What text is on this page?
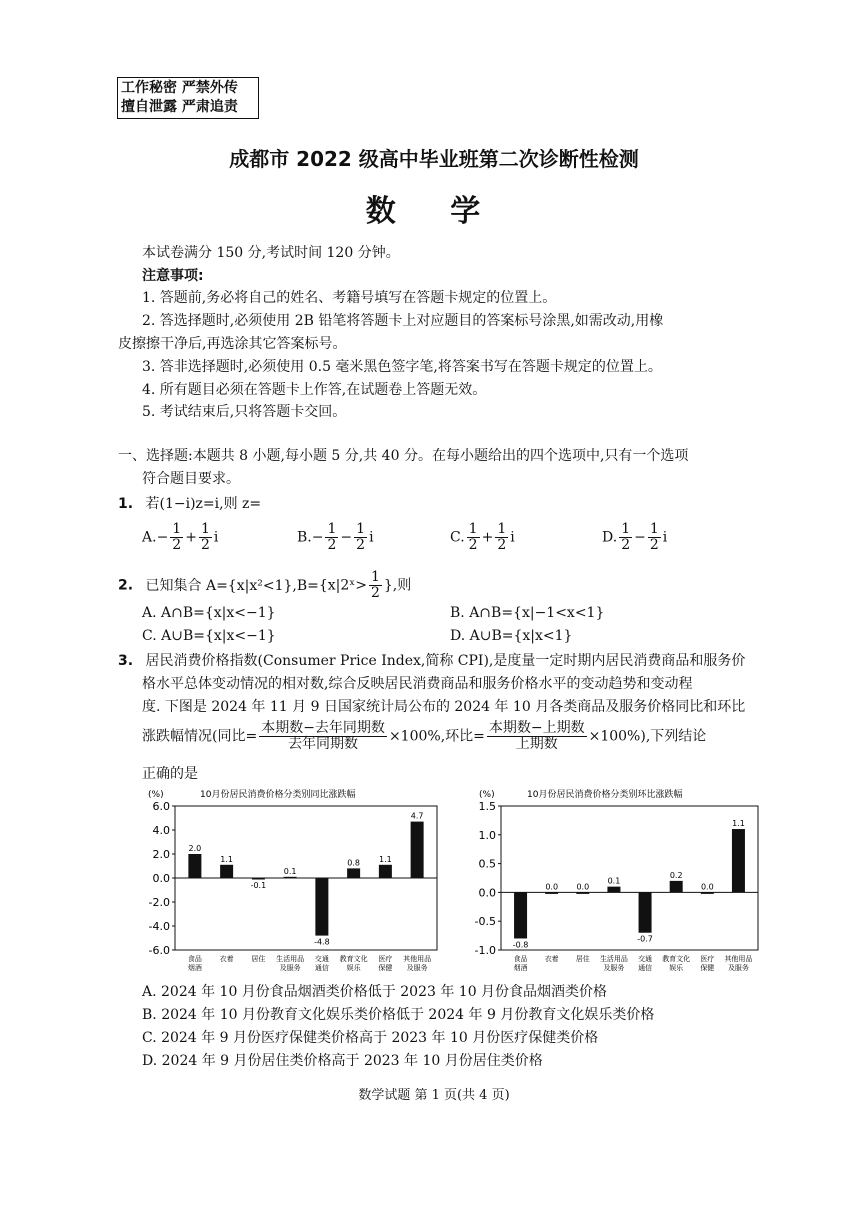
工作秘密 严禁外传
擅自泄露 严肃追责
成都市 2022 级高中毕业班第二次诊断性检测
数 学
本试卷满分 150 分,考试时间 120 分钟。
注意事项:
1. 答题前,务必将自己的姓名、考籍号填写在答题卡规定的位置上。
2. 答选择题时,必须使用 2B 铅笔将答题卡上对应题目的答案标号涂黑,如需改动,用橡
皮擦擦干净后,再选涂其它答案标号。
3. 答非选择题时,必须使用 0.5 毫米黑色签字笔,将答案书写在答题卡规定的位置上。
4. 所有题目必须在答题卡上作答,在试题卷上答题无效。
5. 考试结束后,只将答题卡交回。
一、选择题:本题共 8 小题,每小题 5 分,共 40 分。在每小题给出的四个选项中,只有一个选项
符合题目要求。
1. 若(1−i)z=i,则 z=
2. 已知集合 A={x|x²<1},B={x|2ˣ> $\frac{1}{2}$ },则
A. A∩B={x|x<−1}	B. A∩B={x|−1<x<1}
C. A∪B={x|x<−1}	D. A∪B={x|x<1}
3. 居民消费价格指数(Consumer Price Index,简称 CPI),是度量一定时期内居民消费商品和服务价
格水平总体变动情况的相对数,综合反映居民消费商品和服务价格水平的变动趋势和变动程
度. 下图是 2024 年 11 月 9 日国家统计局公布的 2024 年 10 月各类商品及服务价格同比和环比
涨跌幅情况(同比= $\frac{\text{本期数−去年同期数}}{\text{去年同期数}} \times 100\%$,环比= $\frac{\text{本期数−上期数}}{\text{上期数}} \times 100\%$),下列结论
正确的是
(%)	10月份居民消费价格分类别同比涨跌幅
6.0
4.0
2.0
0.0
-2.0
-4.0
-6.0
2.0
食品
烟酒
1.1
衣着
-0.1
居住
0.1
生活用品
及服务
-4.8
交通
通信
0.8
教育文化
娱乐
1.1
医疗
保健
4.7
其他用品
及服务
(%)	10月份居民消费价格分类别环比涨跌幅
1.5
1.0
0.5
0.0
-0.5
-1.0 -0.8
食品
烟酒
0.0
衣着
0.0
居住
0.1
生活用品
及服务
-0.7
交通
通信
0.2
教育文化
娱乐
0.0
医疗
保健
1.1
其他用品
及服务
A. 2024 年 10 月份食品烟酒类价格低于 2023 年 10 月份食品烟酒类价格
B. 2024 年 10 月份教育文化娱乐类价格低于 2024 年 9 月份教育文化娱乐类价格
C. 2024 年 9 月份医疗保健类价格高于 2023 年 10 月份医疗保健类价格
D. 2024 年 9 月份居住类价格高于 2023 年 10 月份居住类价格
数学试题 第 1 页(共 4 页)
$A.- \frac{1}{2} + \frac{1}{2}$ i	$B.- \frac{1}{2} - \frac{1}{2}$ i	C. $\frac{1}{2} + \frac{1}{2}$ i	D. $\frac{1}{2} - \frac{1}{2}$ i
